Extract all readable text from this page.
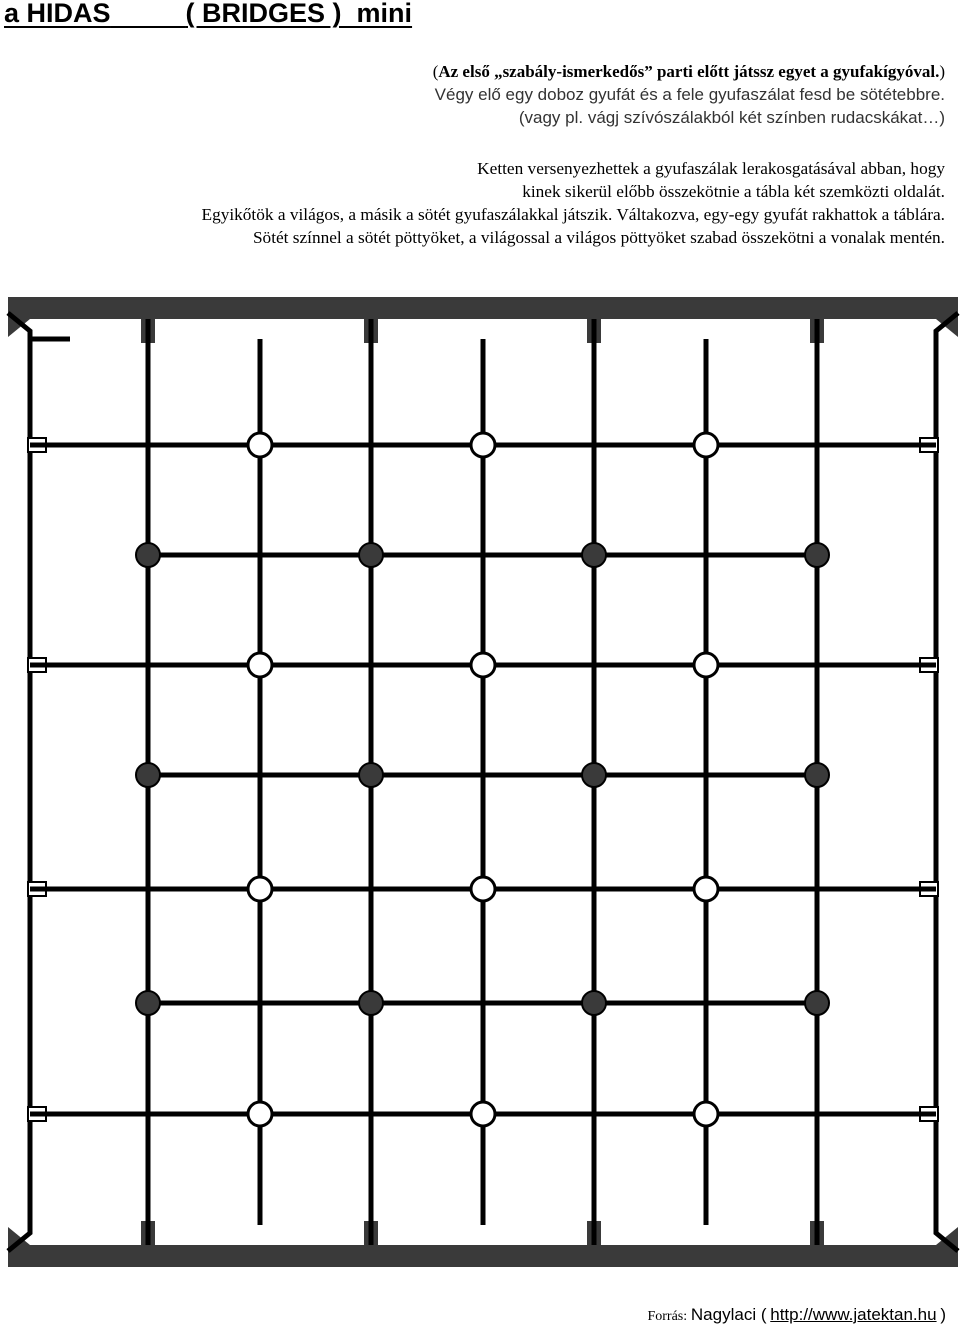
a HIDAS	( BRIDGES )  mini
(Az első „szabály-ismerkedős” parti előtt játssz egyet a gyufakígyóval.)
Végy elő egy doboz gyufát és a fele gyufaszálat fesd be sötétebbre.
(vagy pl. vágj szívószálakból két színben rudacskákat…)
Ketten versenyezhettek a gyufaszálak lerakosgatásával abban, hogy
kinek sikerül előbb összekötnie a tábla két szemközti oldalát.
Egyikőtök a világos, a másik a sötét gyufaszálakkal játszik. Váltakozva, egy-egy gyufát rakhattok a táblára.
Sötét színnel a sötét pöttyöket, a világossal a világos pöttyöket szabad összekötni a vonalak mentén.
Forrás: Nagylaci ( http://www.jatektan.hu )
